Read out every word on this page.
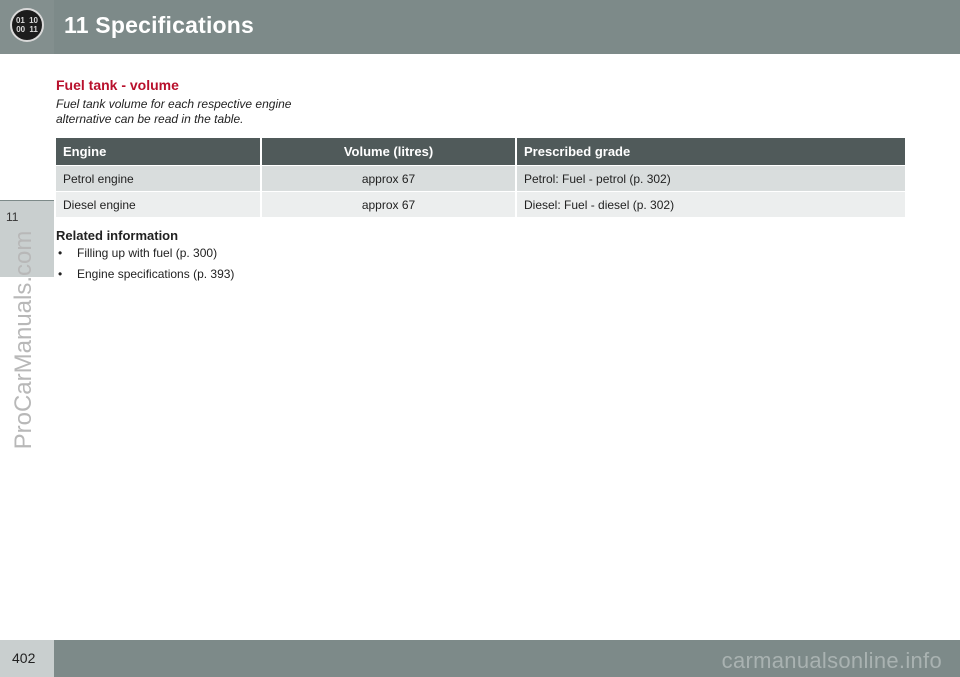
01 10
00 11 11 Specifications
11
ProCarManuals.com
Fuel tank - volume
Fuel tank volume for each respective engine alternative can be read in the table.
Engine	Volume (litres)	Prescribed grade
Petrol engine	approx 67	Petrol: Fuel - petrol (p. 302)
Diesel engine	approx 67	Diesel: Fuel - diesel (p. 302)
Related information
• Filling up with fuel (p. 300)
• Engine specifications (p. 393)
402	carmanualsonline.info
